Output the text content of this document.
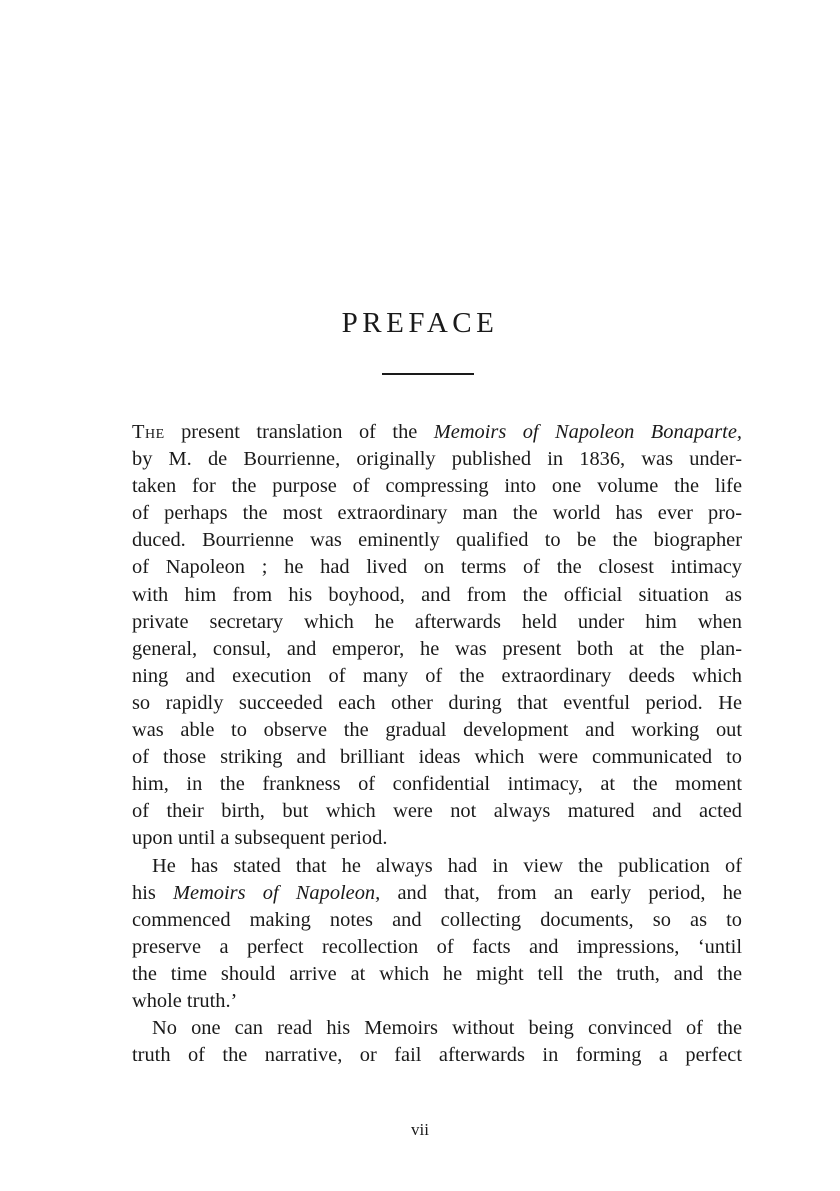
PREFACE
The present translation of the Memoirs of Napoleon Bonaparte,
by M. de Bourrienne, originally published in 1836, was under-
taken for the purpose of compressing into one volume the life
of perhaps the most extraordinary man the world has ever pro-
duced. Bourrienne was eminently qualified to be the biographer
of Napoleon ; he had lived on terms of the closest intimacy
with him from his boyhood, and from the official situation as
private secretary which he afterwards held under him when
general, consul, and emperor, he was present both at the plan-
ning and execution of many of the extraordinary deeds which
so rapidly succeeded each other during that eventful period. He
was able to observe the gradual development and working out
of those striking and brilliant ideas which were communicated to
him, in the frankness of confidential intimacy, at the moment
of their birth, but which were not always matured and acted
upon until a subsequent period.
He has stated that he always had in view the publication of
his Memoirs of Napoleon, and that, from an early period, he
commenced making notes and collecting documents, so as to
preserve a perfect recollection of facts and impressions, ‘until
the time should arrive at which he might tell the truth, and the
whole truth.’
No one can read his Memoirs without being convinced of the
truth of the narrative, or fail afterwards in forming a perfect
vii
